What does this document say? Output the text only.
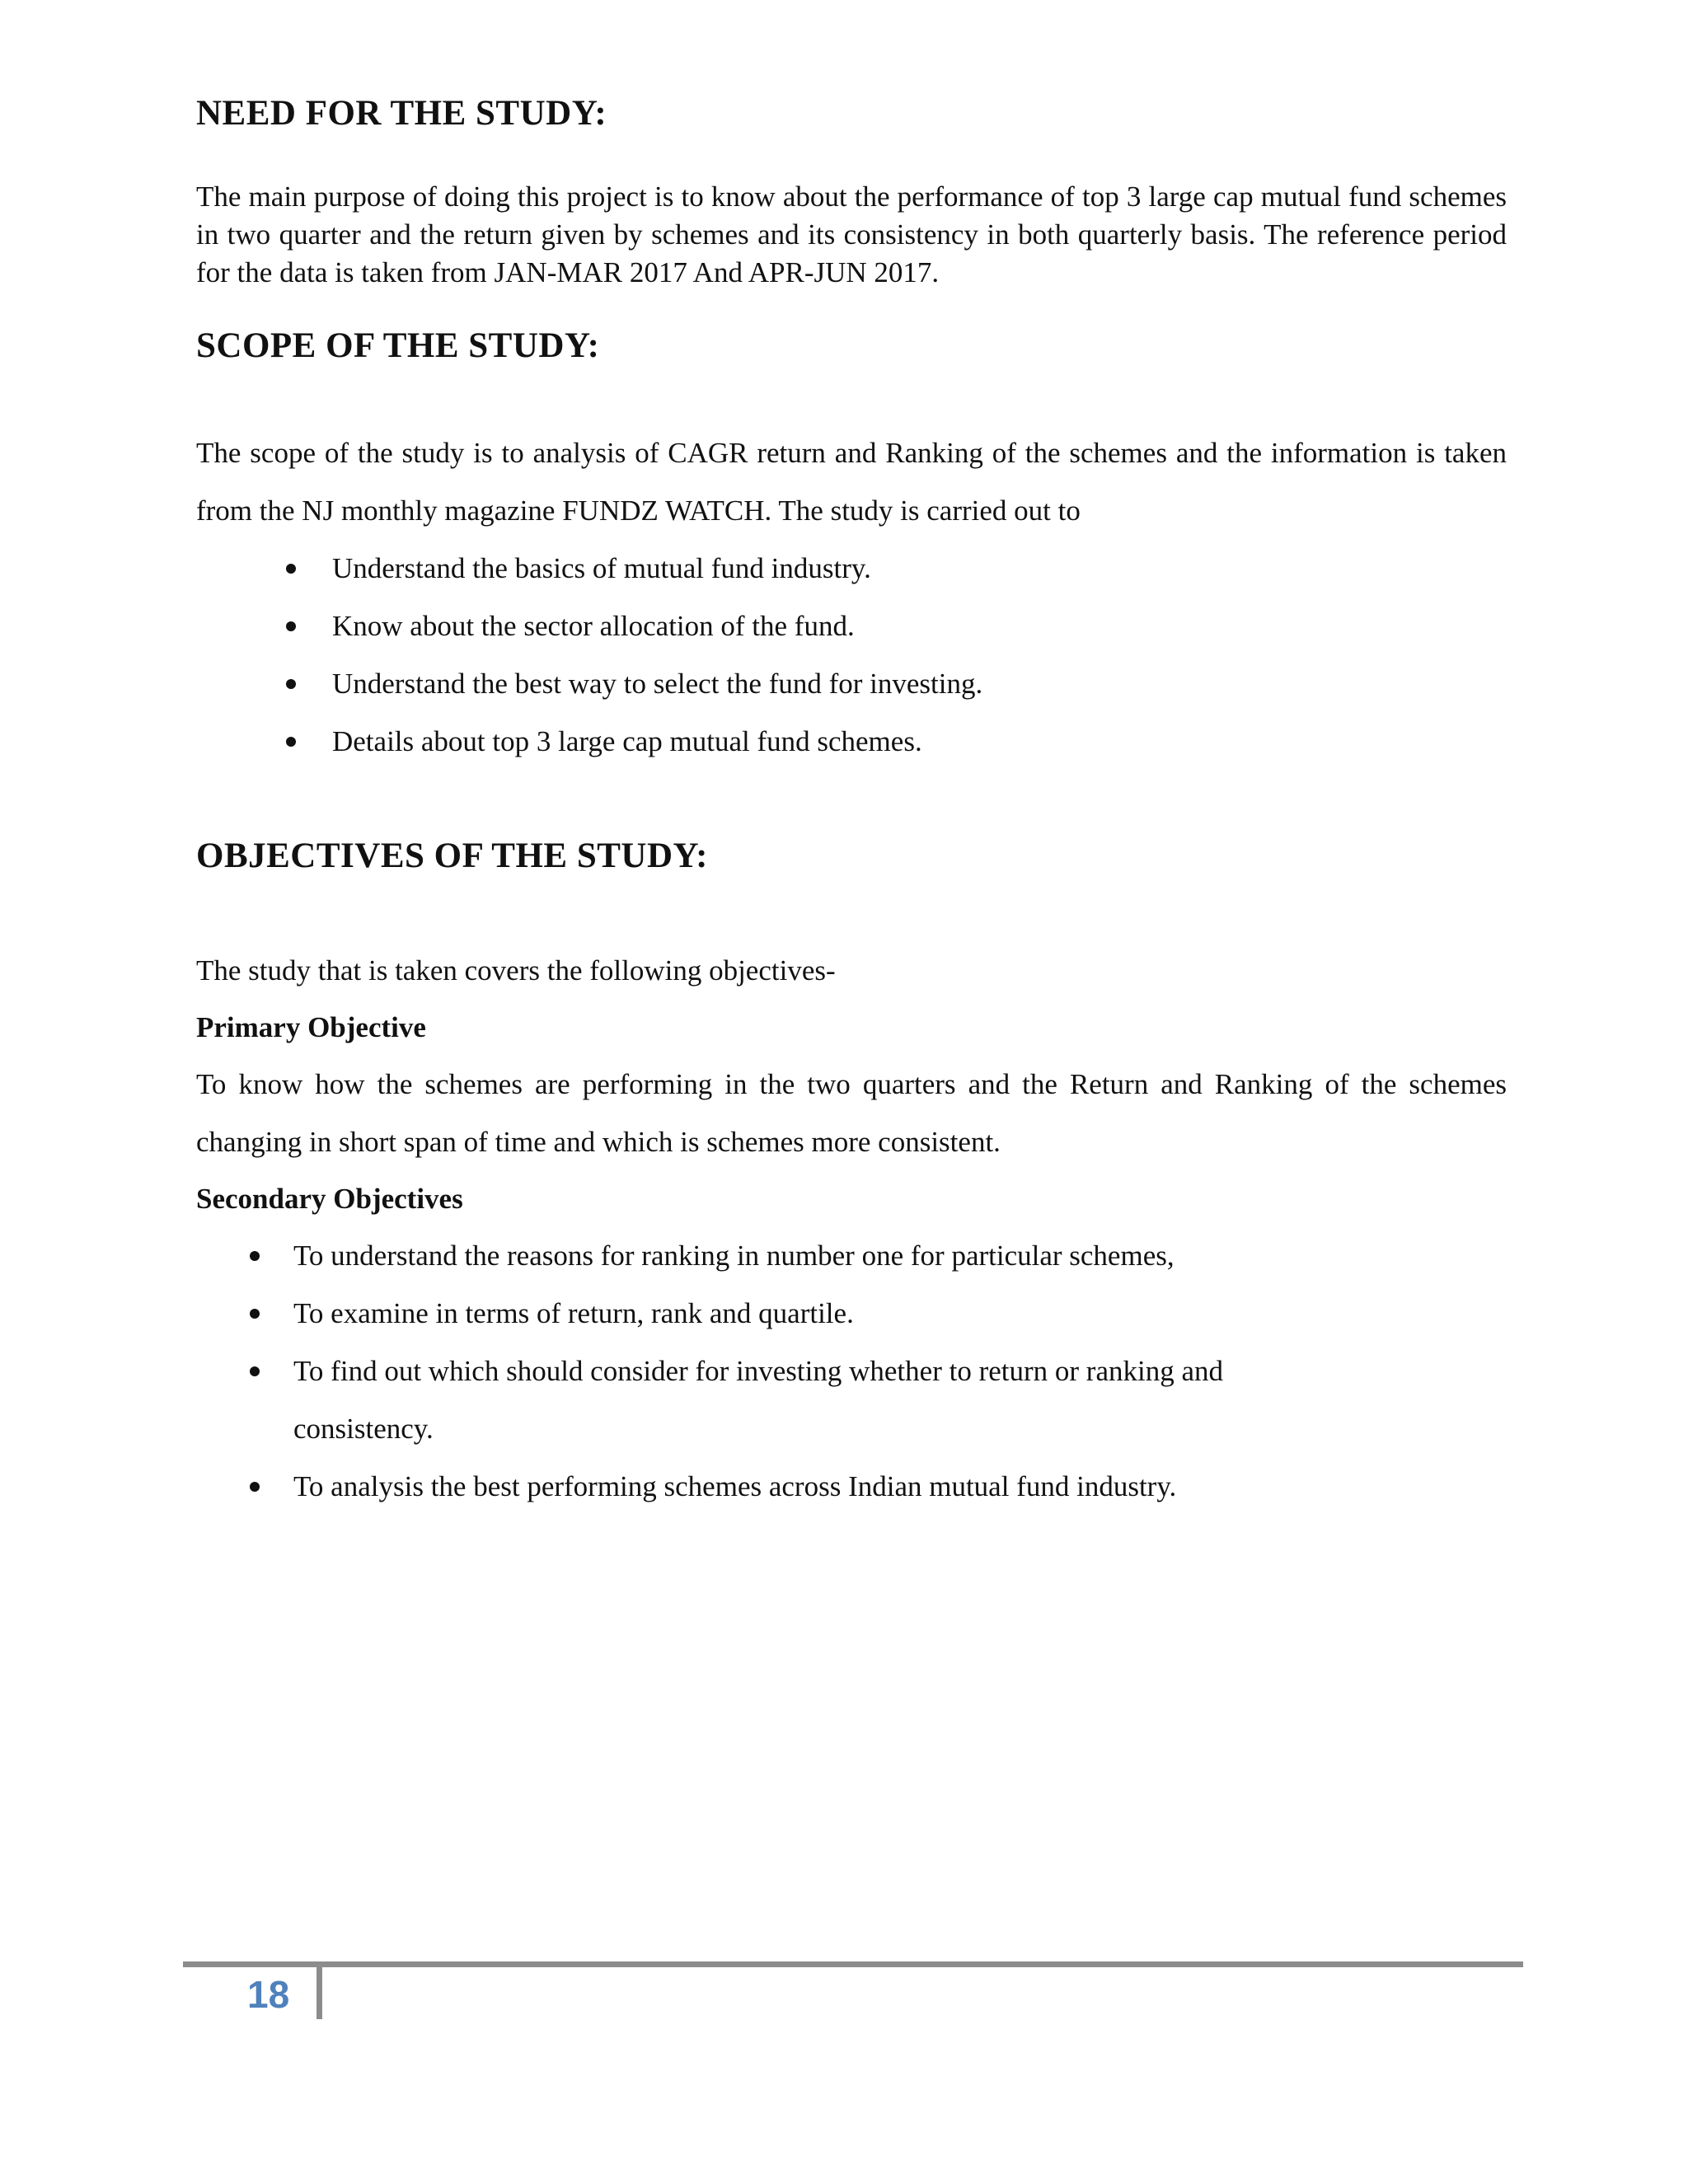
NEED FOR THE STUDY:

The main purpose of doing this project is to know about the performance of top 3 large cap mutual fund schemes in two quarter and the return given by schemes and its consistency in both quarterly basis. The reference period for the data is taken from JAN-MAR 2017 And APR-JUN 2017.

SCOPE OF THE STUDY:

The scope of the study is to analysis of CAGR return and Ranking of the schemes and the information is taken from the NJ monthly magazine FUNDZ WATCH. The study is carried out to

Understand the basics of mutual fund industry.
Know about the sector allocation of the fund.
Understand the best way to select the fund for investing.
Details about top 3 large cap mutual fund schemes.
OBJECTIVES OF THE STUDY:

The study that is taken covers the following objectives-

Primary Objective

To know how the schemes are performing in the two quarters and the Return and Ranking of the schemes changing in short span of time and which is schemes more consistent.

Secondary Objectives

To understand the reasons for ranking in number one for particular schemes,
To examine in terms of return, rank and quartile.
To find out which should consider for investing whether to return or ranking and consistency.
To analysis the best performing schemes across Indian mutual fund industry.
18
